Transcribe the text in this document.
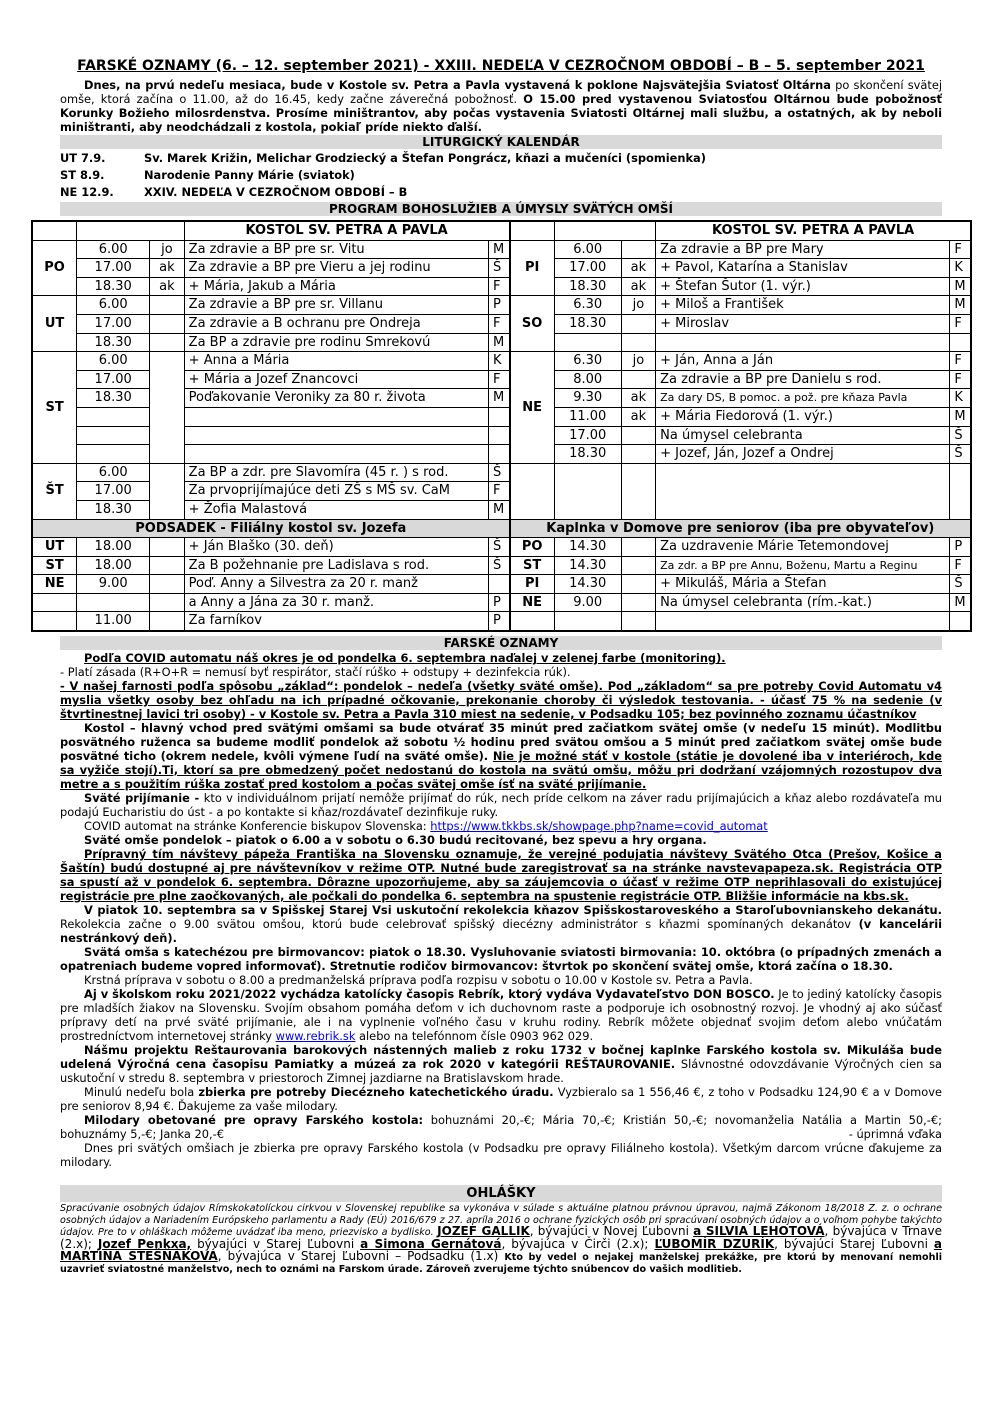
FARSKÉ OZNAMY (6. – 12. september 2021) - XXIII. NEDEĽA V CEZROČNOM OBDOBÍ – B – 5. september 2021

Dnes, na prvú nedeľu mesiaca, bude v Kostole sv. Petra a Pavla vystavená k poklone Najsvätejšia Sviatosť Oltárna po skončení svätej omše, ktorá začína o 11.00, až do 16.45, kedy začne záverečná pobožnosť. O 15.00 pred vystavenou Sviatosťou Oltárnou bude pobožnosť Korunky Božieho milosrdenstva. Prosíme miništrantov, aby počas vystavenia Sviatosti Oltárnej mali službu, a ostatných, ak by neboli miništranti, aby neodchádzali z kostola, pokiaľ príde niekto ďalší.

LITURGICKÝ KALENDÁR
UT 7.9.	Sv. Marek Križin, Melichar Grodziecký a Štefan Pongrácz, kňazi a mučeníci (spomienka)
ST 8.9.	Narodenie Panny Márie (sviatok)
NE 12.9.	XXIV. NEDEĽA V CEZROČNOM OBDOBÍ – B
PROGRAM BOHOSLUŽIEB A ÚMYSLY SVÄTÝCH OMŠÍ
			KOSTOL SV. PETRA A PAVLA					KOSTOL SV. PETRA A PAVLA	
PO	6.00	jo	Za zdravie a BP pre sr. Vitu	M	PI	6.00		Za zdravie a BP pre Mary	F
	17.00	ak	Za zdravie a BP pre Vieru a jej rodinu	Š		17.00	ak	+ Pavol, Katarína a Stanislav	K
	18.30	ak	+ Mária, Jakub a Mária	F		18.30	ak	+ Štefan Šutor (1. výr.)	M
UT	6.00		Za zdravie a BP pre sr. Villanu	P	SO	6.30	jo	+ Miloš a František	M
	17.00		Za zdravie a B ochranu pre Ondreja	F		18.30		+ Miroslav	F
	18.30		Za BP a zdravie pre rodinu Smrekovú	M					
ST	6.00		+ Anna a Mária	K	NE	6.30	jo	+ Ján, Anna a Ján	F
	17.00		+ Mária a Jozef Znancovci	F		8.00		Za zdravie a BP pre Danielu s rod.	F
	18.30		Poďakovanie Veroniky za 80 r. života	M		9.30	ak	Za dary DS, B pomoc. a pož. pre kňaza Pavla	K
						11.00	ak	+ Mária Fiedorová (1. výr.)	M
						17.00		Na úmysel celebranta	Š
						18.30		+ Jozef, Ján, Jozef a Ondrej	Š
ŠT	6.00		Za BP a zdr. pre Slavomíra (45 r. ) s rod.	Š					
	17.00		Za prvoprijímajúce deti ZŠ s MŠ sv. CaM	F					
	18.30		+ Žofia Malastová	M					
PODSADEK - Filiálny kostol sv. Jozefa					Kaplnka v Domove pre seniorov (iba pre obyvateľov)				
UT	18.00		+ Ján Blaško (30. deň)	Š	PO	14.30		Za uzdravenie Márie Tetemondovej	P
ST	18.00		Za B požehnanie pre Ladislava s rod.	Š	ST	14.30		Za zdr. a BP pre Annu, Boženu, Martu a Reginu	F
NE	9.00		Poď. Anny a Silvestra za 20 r. manž		PI	14.30		+ Mikuláš, Mária a Štefan	Š
			a Anny a Jána za 30 r. manž.	P	NE	9.00		Na úmysel celebranta (rím.-kat.)	M
	11.00		Za farníkov	P					
FARSKÉ OZNAMY

Podľa COVID automatu náš okres je od pondelka 6. septembra naďalej v zelenej farbe (monitoring).

- Platí zásada (R+O+R = nemusí byť respirátor, stačí rúško + odstupy + dezinfekcia rúk).

- V našej farnosti podľa spôsobu „základ“: pondelok – nedeľa (všetky sväté omše). Pod „základom“ sa pre potreby Covid Automatu v4 myslia všetky osoby bez ohľadu na ich prípadné očkovanie, prekonanie choroby či výsledok testovania. - účasť 75 % na sedenie (v štvrtinestnej lavici tri osoby) - v Kostole sv. Petra a Pavla 310 miest na sedenie, v Podsadku 105; bez povinného zoznamu účastníkov

Kostol – hlavný vchod pred svätými omšami sa bude otvárať 35 minút pred začiatkom svätej omše (v nedeľu 15 minút). Modlitbu posvätného ruženca sa budeme modliť pondelok až sobotu ½ hodinu pred svätou omšou a 5 minút pred začiatkom svätej omše bude posvätné ticho (okrem nedele, kvôli výmene ľudí na sväté omše). Nie je možné stáť v kostole (státie je dovolené iba v interiéroch, kde sa vyžiče stojí).Ti, ktorí sa pre obmedzený počet nedostanú do kostola na svätú omšu, môžu pri dodržaní vzájomných rozostupov dva metre a s použitím rúška zostať pred kostolom a počas svätej omše ísť na sväté prijímanie.

Sväté prijímanie - kto v individuálnom prijatí nemôže prijímať do rúk, nech príde celkom na záver radu prijímajúcich a kňaz alebo rozdávateľa mu podajú Eucharistiu do úst - a po kontakte si kňaz/rozdávateľ dezinfikuje ruky.

COVID automat na stránke Konferencie biskupov Slovenska: https://www.tkkbs.sk/showpage.php?name=covid_automat

Sväté omše pondelok – piatok o 6.00 a v sobotu o 6.30 budú recitované, bez spevu a hry organa.

Prípravný tím návštevy pápeža Františka na Slovensku oznamuje, že verejné podujatia návštevy Svätého Otca (Prešov, Košice a Šaštín) budú dostupné aj pre návštevníkov v režime OTP. Nutné bude zaregistrovať sa na stránke navstevapapeza.sk. Registrácia OTP sa spustí až v pondelok 6. septembra. Dôrazne upozorňujeme, aby sa záujemcovia o účasť v režime OTP neprihlasovali do existujúcej registrácie pre plne zaočkovaných, ale počkali do pondelka 6. septembra na spustenie registrácie OTP. Bližšie informácie na kbs.sk.

V piatok 10. septembra sa v Spišskej Starej Vsi uskutoční rekolekcia kňazov Spišskostaroveského a Staroľubovnianskeho dekanátu. Rekolekcia začne o 9.00 svätou omšou, ktorú bude celebrovať spišský diecézny administrátor s kňazmi spomínaných dekanátov (v kancelárii nestránkový deň).

Svätá omša s katechézou pre birmovancov: piatok o 18.30. Vysluhovanie sviatosti birmovania: 10. októbra (o prípadných zmenách a opatreniach budeme vopred informovať). Stretnutie rodičov birmovancov: štvrtok po skončení svätej omše, ktorá začína o 18.30.

Krstná príprava v sobotu o 8.00 a predmanželská príprava podľa rozpisu v sobotu o 10.00 v Kostole sv. Petra a Pavla.

Aj v školskom roku 2021/2022 vychádza katolícky časopis Rebrík, ktorý vydáva Vydavateľstvo DON BOSCO. Je to jediný katolícky časopis pre mladších žiakov na Slovensku. Svojím obsahom pomáha deťom v ich duchovnom raste a podporuje ich osobnostný rozvoj. Je vhodný aj ako súčasť prípravy detí na prvé sväté prijímanie, ale i na vyplnenie voľného času v kruhu rodiny. Rebrík môžete objednať svojim deťom alebo vnúčatám prostredníctvom internetovej stránky www.rebrik.sk alebo na telefónnom čísle 0903 962 029.

Nášmu projektu Reštaurovania barokových nástenných malieb z roku 1732 v bočnej kaplnke Farského kostola sv. Mikuláša bude udelená Výročná cena časopisu Pamiatky a múzeá za rok 2020 v kategórii REŠTAUROVANIE. Slávnostné odovzdávanie Výročných cien sa uskutoční v stredu 8. septembra v priestoroch Zimnej jazdiarne na Bratislavskom hrade.

Minulú nedeľu bola zbierka pre potreby Diecézneho katechetického úradu. Vyzbieralo sa 1 556,46 €, z toho v Podsadku 124,90 € a v Domove pre seniorov 8,94 €. Ďakujeme za vaše milodary.

Milodary obetované pre opravy Farského kostola: bohuznámi 20,-€; Mária 70,-€; Kristián 50,-€; novomanželia Natália a Martin 50,-€; bohuznámy 5,-€; Janka 20,-€	- úprimná vďaka

Dnes pri svätých omšiach je zbierka pre opravy Farského kostola (v Podsadku pre opravy Filiálneho kostola). Všetkým darcom vrúcne ďakujeme za milodary.

OHLÁŠKY

Spracúvanie osobných údajov Rímskokatolíckou cirkvou v Slovenskej republike sa vykonáva v súlade s aktuálne platnou právnou úpravou, najmä Zákonom 18/2018 Z. z. o ochrane osobných údajov a Nariadením Európskeho parlamentu a Rady (EÚ) 2016/679 z 27. apríla 2016 o ochrane fyzických osôb pri spracúvaní osobných údajov a o voľnom pohybe takýchto údajov. Pre to v ohláškach môžeme uvádzať iba meno, priezvisko a bydlisko. JOZEF GALLIK, bývajúci v Novej Ľubovni a SILVIA LEHOTOVÁ, bývajúca v Trnave (2.x); Jozef Penkxa, bývajúci v Starej Ľubovni a Simona Gernátová, bývajúca v Čirči (2.x); ĽUBOMÍR DZURÍK, bývajúci Starej Ľubovni a MARTINA STEŠŇÁKOVÁ, bývajúca v Starej Ľubovni – Podsadku (1.x) Kto by vedel o nejakej manželskej prekážke, pre ktorú by menovaní nemohli uzavrieť sviatostné manželstvo, nech to oznámi na Farskom úrade. Zároveň zverujeme týchto snúbencov do vašich modlitieb.
